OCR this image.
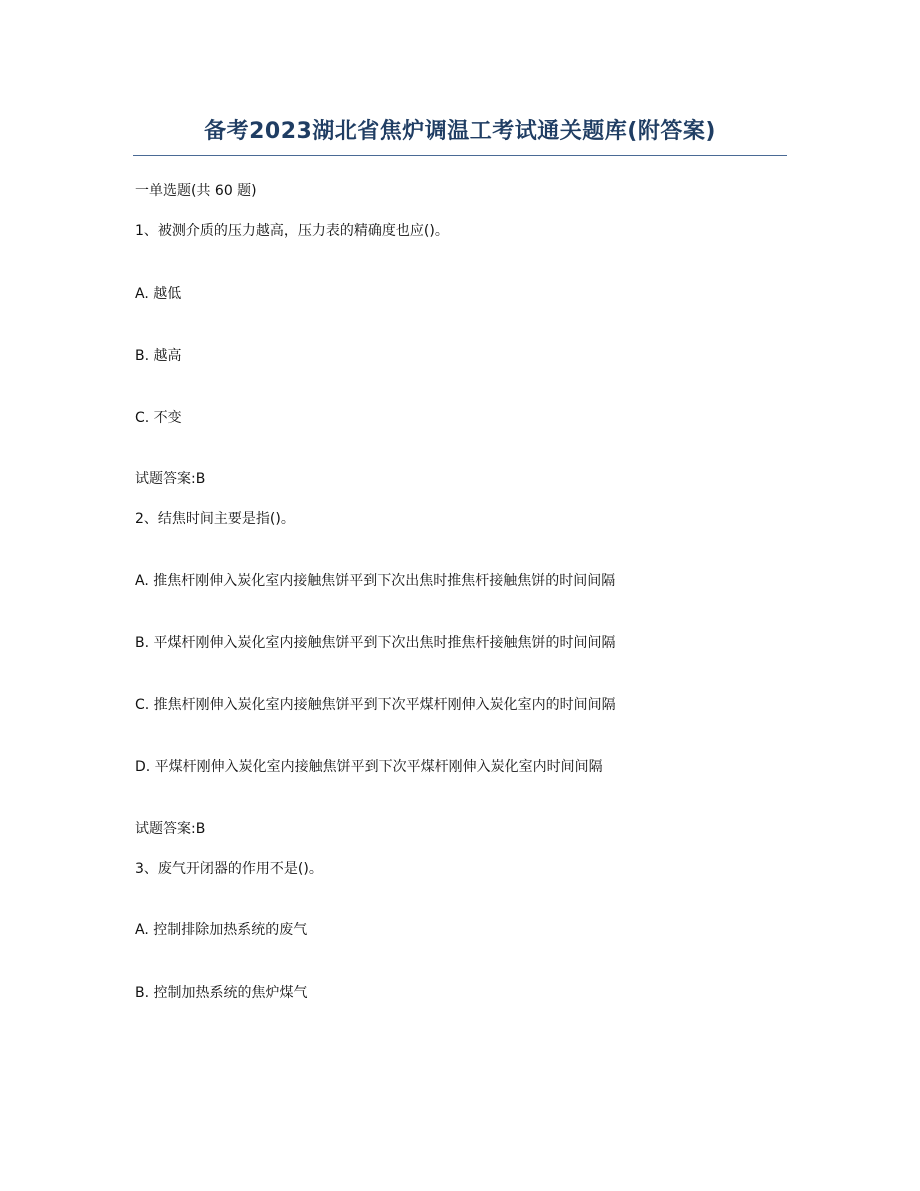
备考2023湖北省焦炉调温工考试通关题库(附答案)
一单选题(共 60 题)
1、被测介质的压力越高，压力表的精确度也应()。
A. 越低
B. 越高
C. 不变
试题答案:B
2、结焦时间主要是指()。
A. 推焦杆刚伸入炭化室内接触焦饼平到下次出焦时推焦杆接触焦饼的时间间隔
B. 平煤杆刚伸入炭化室内接触焦饼平到下次出焦时推焦杆接触焦饼的时间间隔
C. 推焦杆刚伸入炭化室内接触焦饼平到下次平煤杆刚伸入炭化室内的时间间隔
D. 平煤杆刚伸入炭化室内接触焦饼平到下次平煤杆刚伸入炭化室内时间间隔
试题答案:B
3、废气开闭器的作用不是()。
A. 控制排除加热系统的废气
B. 控制加热系统的焦炉煤气
